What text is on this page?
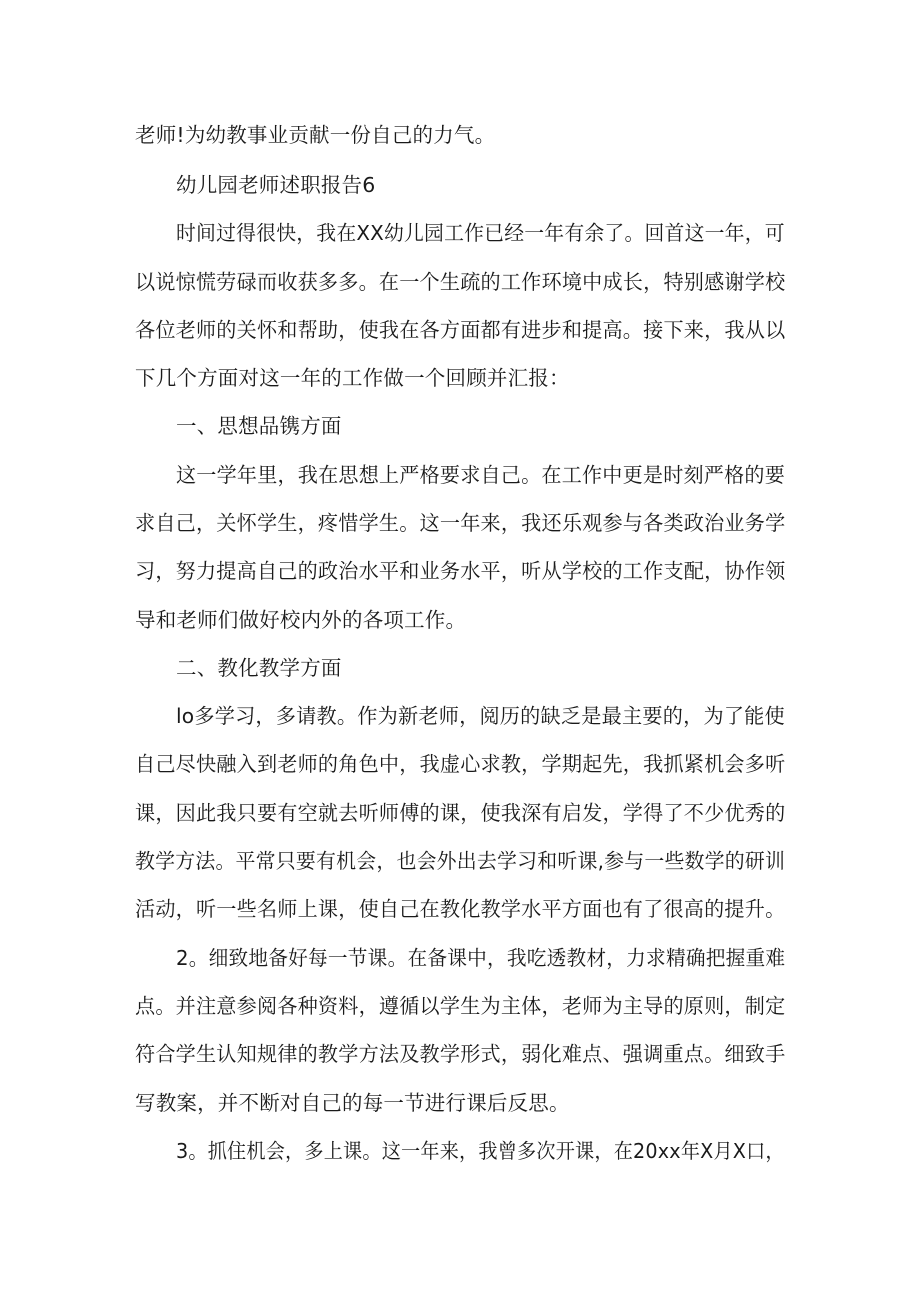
老师!为幼教事业贡献一份自己的力气。
幼儿园老师述职报告6
时间过得很快，我在XX幼儿园工作已经一年有余了。回首这一年，可
以说惊慌劳碌而收获多多。在一个生疏的工作环境中成长，特别感谢学校
各位老师的关怀和帮助，使我在各方面都有进步和提高。接下来，我从以
下几个方面对这一年的工作做一个回顾并汇报：
一、思想品镌方面
这一学年里，我在思想上严格要求自己。在工作中更是时刻严格的要
求自己，关怀学生，疼惜学生。这一年来，我还乐观参与各类政治业务学
习，努力提高自己的政治水平和业务水平，听从学校的工作支配，协作领
导和老师们做好校内外的各项工作。
二、教化教学方面
lo多学习，多请教。作为新老师，阅历的缺乏是最主要的，为了能使
自己尽快融入到老师的角色中，我虚心求教，学期起先，我抓紧机会多听
课，因此我只要有空就去听师傅的课，使我深有启发，学得了不少优秀的
教学方法。平常只要有机会，也会外出去学习和听课,参与一些数学的研训
活动，听一些名师上课，使自己在教化教学水平方面也有了很高的提升。
2。细致地备好每一节课。在备课中，我吃透教材，力求精确把握重难
点。并注意参阅各种资料，遵循以学生为主体，老师为主导的原则，制定
符合学生认知规律的教学方法及教学形式，弱化难点、强调重点。细致手
写教案，并不断对自己的每一节进行课后反思。
3。抓住机会，多上课。这一年来，我曾多次开课，在20xx年X月X口，
